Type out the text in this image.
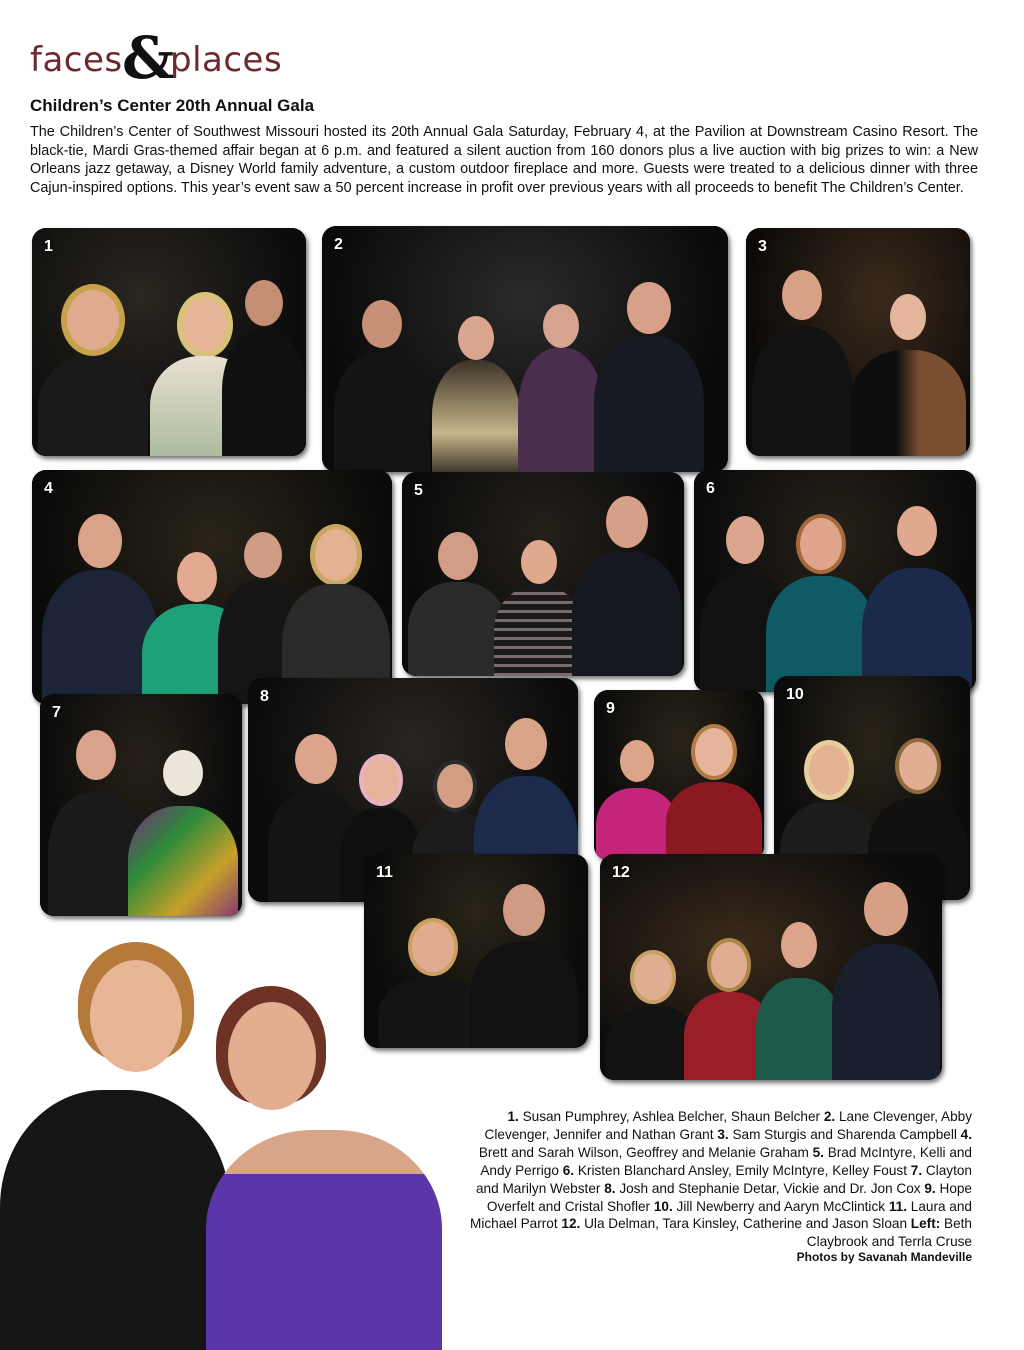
faces &
places
Children’s Center 20th Annual Gala
The Children’s Center of Southwest Missouri hosted its 20th Annual Gala Saturday, February 4, at the Pavilion at Downstream Casino Resort. The black-tie, Mardi Gras-themed affair began at 6 p.m. and featured a silent auction from 160 donors plus a live auction with big prizes to win: a New Orleans jazz getaway, a Disney World family adventure, a custom outdoor fireplace and more. Guests were treated to a delicious dinner with three Cajun-inspired options. This year’s event saw a 50 percent increase in profit over previous years with all proceeds to benefit The Children’s Center.
2
1	3
4	5	6
7
8
9
10
11	12
1. Susan Pumphrey, Ashlea Belcher, Shaun Belcher 2. Lane Clevenger, Abby Clevenger, Jennifer and Nathan Grant 3. Sam Sturgis and Sharenda Campbell 4. Brett and Sarah Wilson, Geoffrey and Melanie Graham 5. Brad McIntyre, Kelli and Andy Perrigo 6. Kristen Blanchard Ansley, Emily McIntyre, Kelley Foust 7. Clayton and Marilyn Webster 8. Josh and Stephanie Detar, Vickie and Dr. Jon Cox 9. Hope Overfelt and Cristal Shofler 10. Jill Newberry and Aaryn McClintick 11. Laura and Michael Parrot 12. Ula Delman, Tara Kinsley, Catherine and Jason Sloan Left: Beth Claybrook and Terrla Cruse
Photos by Savanah Mandeville
